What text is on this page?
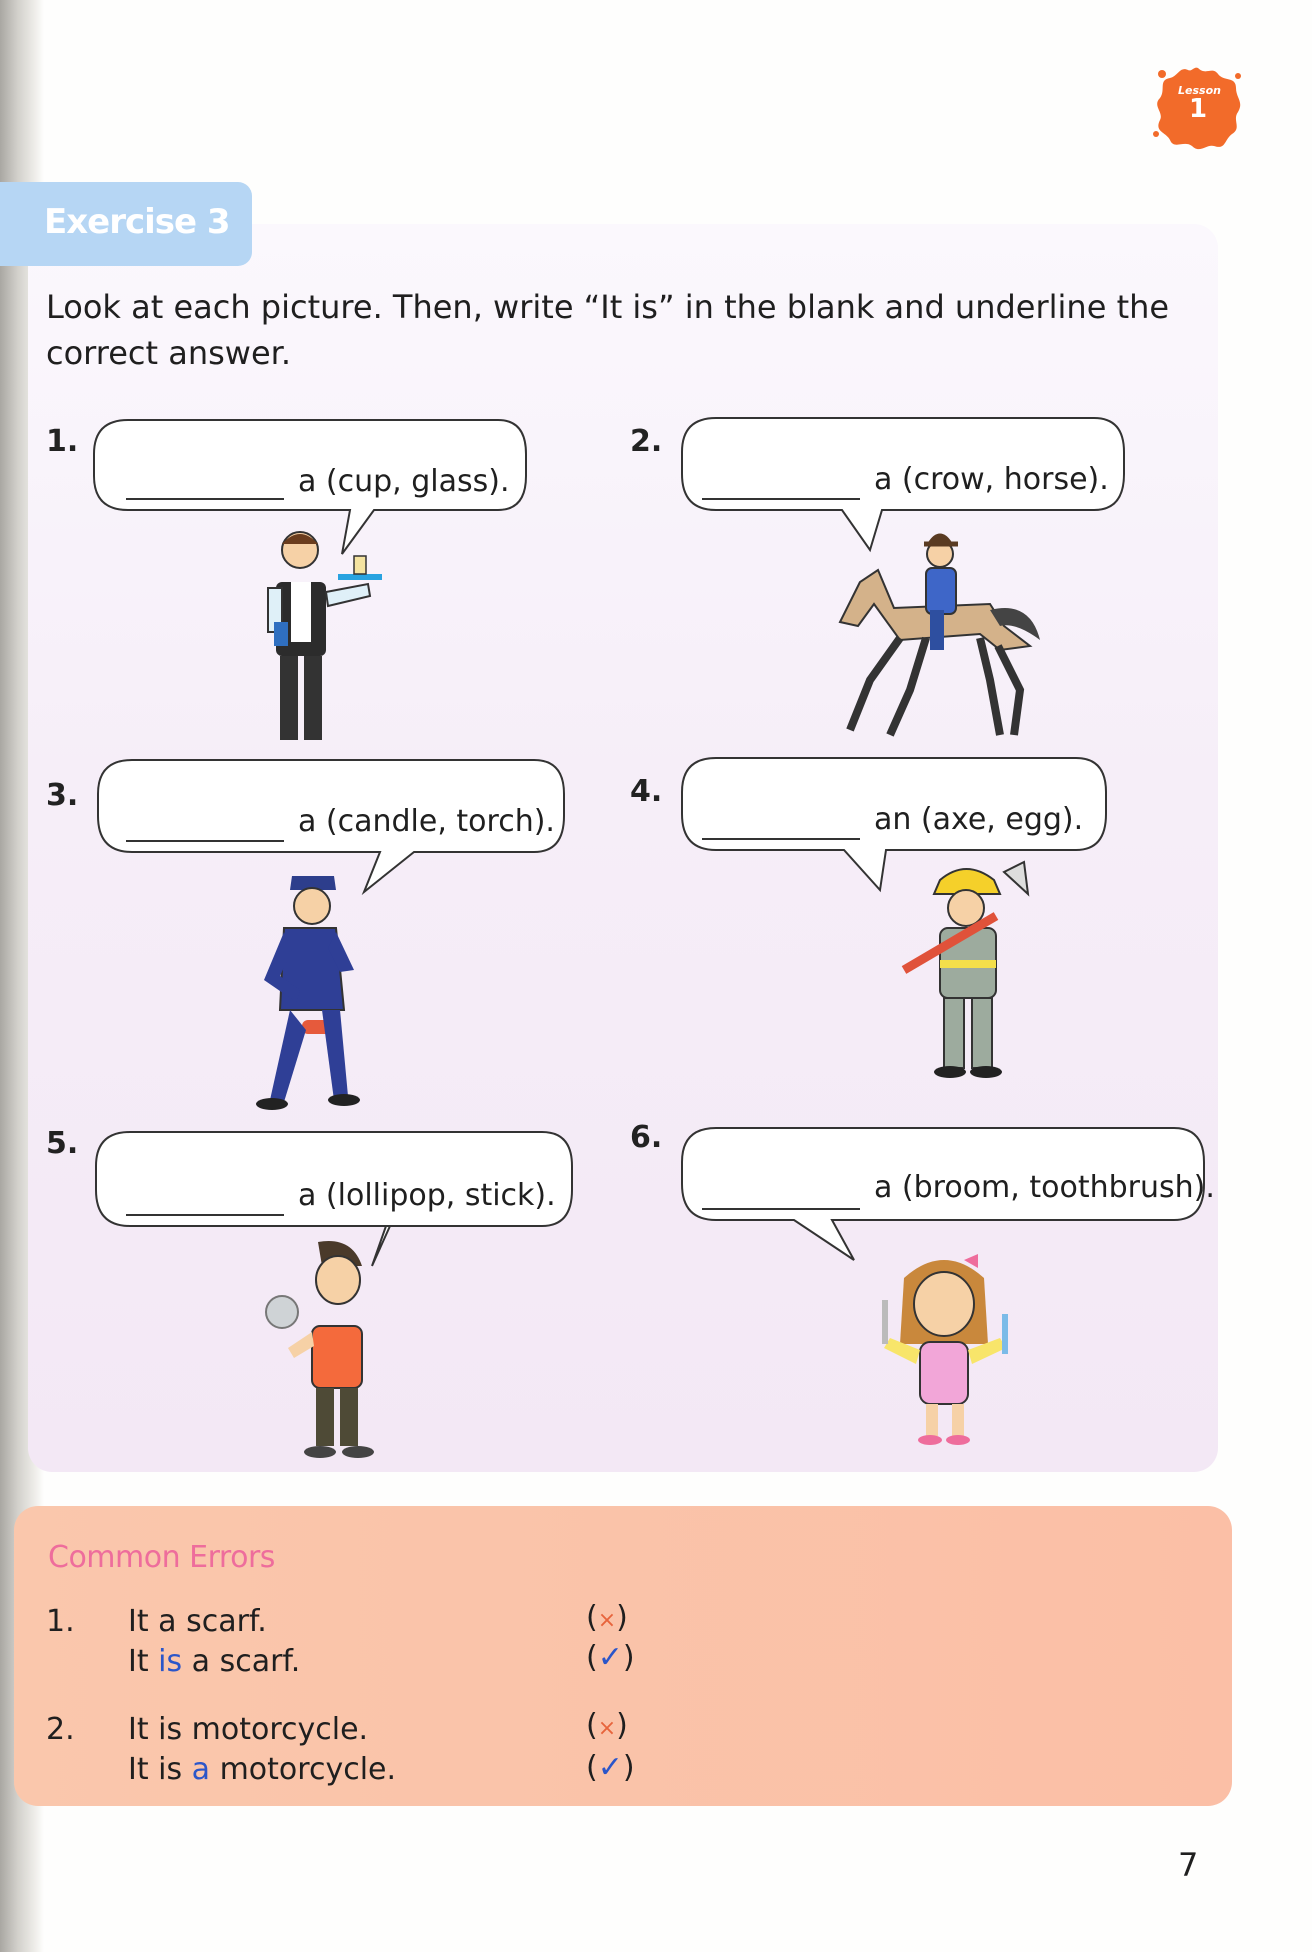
Lesson
1
Exercise 3
Look at each picture. Then, write “It is” in the blank and underline the correct answer.
1.
a (cup, glass).
2.
a (crow, horse).
3.
a (candle, torch).
4.
an (axe, egg).
5.
a (lollipop, stick).
6.
a (broom, toothbrush).
Common Errors
1. It a scarf.
It is a scarf.
(×)
(✓)
2. It is motorcycle.
It is a motorcycle.
(×)
(✓)
7
